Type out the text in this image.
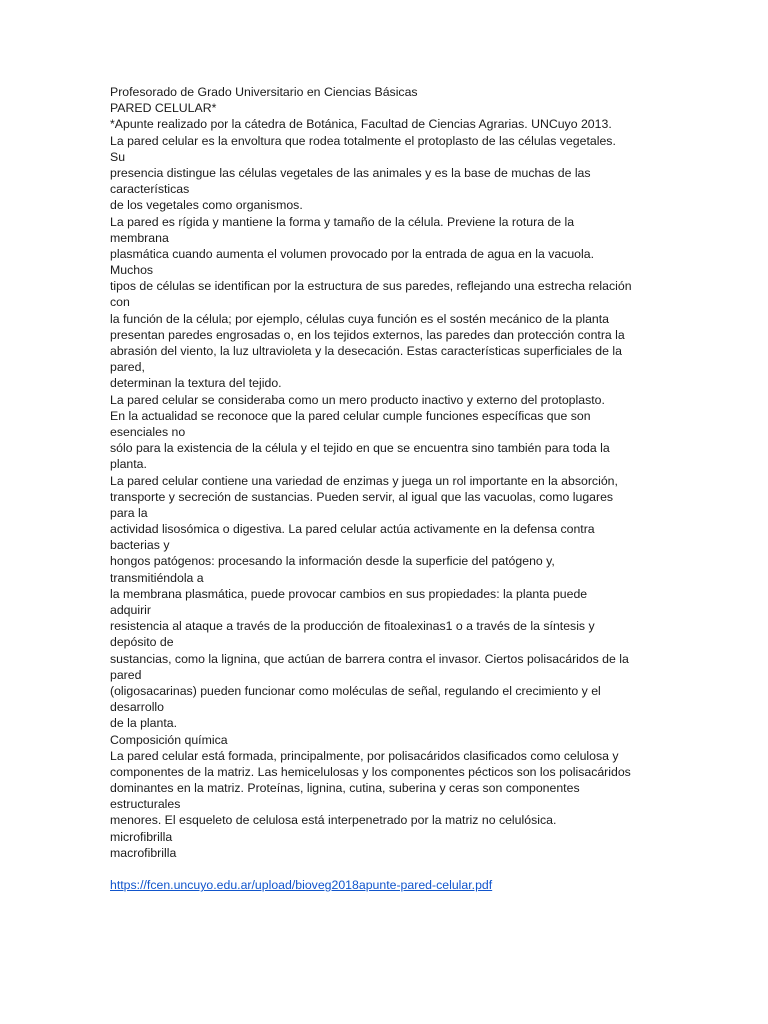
Profesorado de Grado Universitario en Ciencias Básicas
PARED CELULAR*
*Apunte realizado por la cátedra de Botánica, Facultad de Ciencias Agrarias. UNCuyo 2013.
La pared celular es la envoltura que rodea totalmente el protoplasto de las células vegetales.
Su
presencia distingue las células vegetales de las animales y es la base de muchas de las
características
de los vegetales como organismos.
La pared es rígida y mantiene la forma y tamaño de la célula. Previene la rotura de la
membrana
plasmática cuando aumenta el volumen provocado por la entrada de agua en la vacuola.
Muchos
tipos de células se identifican por la estructura de sus paredes, reflejando una estrecha relación
con
la función de la célula; por ejemplo, células cuya función es el sostén mecánico de la planta
presentan paredes engrosadas o, en los tejidos externos, las paredes dan protección contra la
abrasión del viento, la luz ultravioleta y la desecación. Estas características superficiales de la
pared,
determinan la textura del tejido.
La pared celular se consideraba como un mero producto inactivo y externo del protoplasto.
En la actualidad se reconoce que la pared celular cumple funciones específicas que son
esenciales no
sólo para la existencia de la célula y el tejido en que se encuentra sino también para toda la
planta.
La pared celular contiene una variedad de enzimas y juega un rol importante en la absorción,
transporte y secreción de sustancias. Pueden servir, al igual que las vacuolas, como lugares
para la
actividad lisosómica o digestiva. La pared celular actúa activamente en la defensa contra
bacterias y
hongos patógenos: procesando la información desde la superficie del patógeno y,
transmitiéndola a
la membrana plasmática, puede provocar cambios en sus propiedades: la planta puede
adquirir
resistencia al ataque a través de la producción de fitoalexinas1 o a través de la síntesis y
depósito de
sustancias, como la lignina, que actúan de barrera contra el invasor. Ciertos polisacáridos de la
pared
(oligosacarinas) pueden funcionar como moléculas de señal, regulando el crecimiento y el
desarrollo
de la planta.
Composición química
La pared celular está formada, principalmente, por polisacáridos clasificados como celulosa y
componentes de la matriz. Las hemicelulosas y los componentes pécticos son los polisacáridos
dominantes en la matriz. Proteínas, lignina, cutina, suberina y ceras son componentes
estructurales
menores. El esqueleto de celulosa está interpenetrado por la matriz no celulósica.
microfibrilla
macrofibrilla
https://fcen.uncuyo.edu.ar/upload/bioveg2018apunte-pared-celular.pdf
